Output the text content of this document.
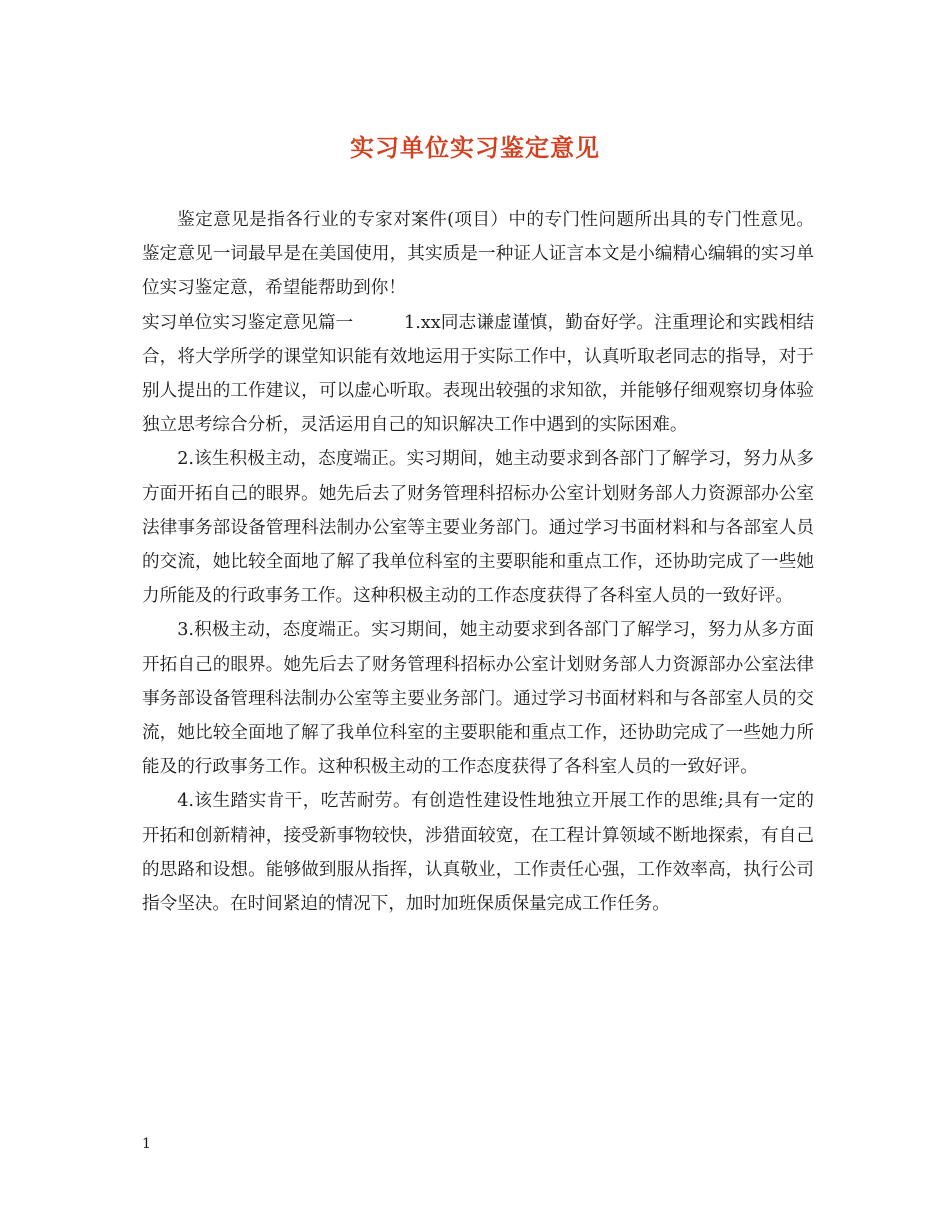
实习单位实习鉴定意见

鉴定意见是指各行业的专家对案件(项目）中的专门性问题所出具的专门性意见。鉴定意见一词最早是在美国使用，其实质是一种证人证言本文是小编精心编辑的实习单位实习鉴定意，希望能帮助到你！

实习单位实习鉴定意见篇一	1.xx同志谦虚谨慎，勤奋好学。注重理论和实践相结合，将大学所学的课堂知识能有效地运用于实际工作中，认真听取老同志的指导，对于别人提出的工作建议，可以虚心听取。表现出较强的求知欲，并能够仔细观察切身体验独立思考综合分析，灵活运用自己的知识解决工作中遇到的实际困难。

2.该生积极主动，态度端正。实习期间，她主动要求到各部门了解学习，努力从多方面开拓自己的眼界。她先后去了财务管理科招标办公室计划财务部人力资源部办公室法律事务部设备管理科法制办公室等主要业务部门。通过学习书面材料和与各部室人员的交流，她比较全面地了解了我单位科室的主要职能和重点工作，还协助完成了一些她力所能及的行政事务工作。这种积极主动的工作态度获得了各科室人员的一致好评。

3.积极主动，态度端正。实习期间，她主动要求到各部门了解学习，努力从多方面开拓自己的眼界。她先后去了财务管理科招标办公室计划财务部人力资源部办公室法律事务部设备管理科法制办公室等主要业务部门。通过学习书面材料和与各部室人员的交流，她比较全面地了解了我单位科室的主要职能和重点工作，还协助完成了一些她力所能及的行政事务工作。这种积极主动的工作态度获得了各科室人员的一致好评。

4.该生踏实肯干，吃苦耐劳。有创造性建设性地独立开展工作的思维;具有一定的开拓和创新精神，接受新事物较快，涉猎面较宽，在工程计算领域不断地探索，有自己的思路和设想。能够做到服从指挥，认真敬业，工作责任心强，工作效率高，执行公司指令坚决。在时间紧迫的情况下，加时加班保质保量完成工作任务。

1
